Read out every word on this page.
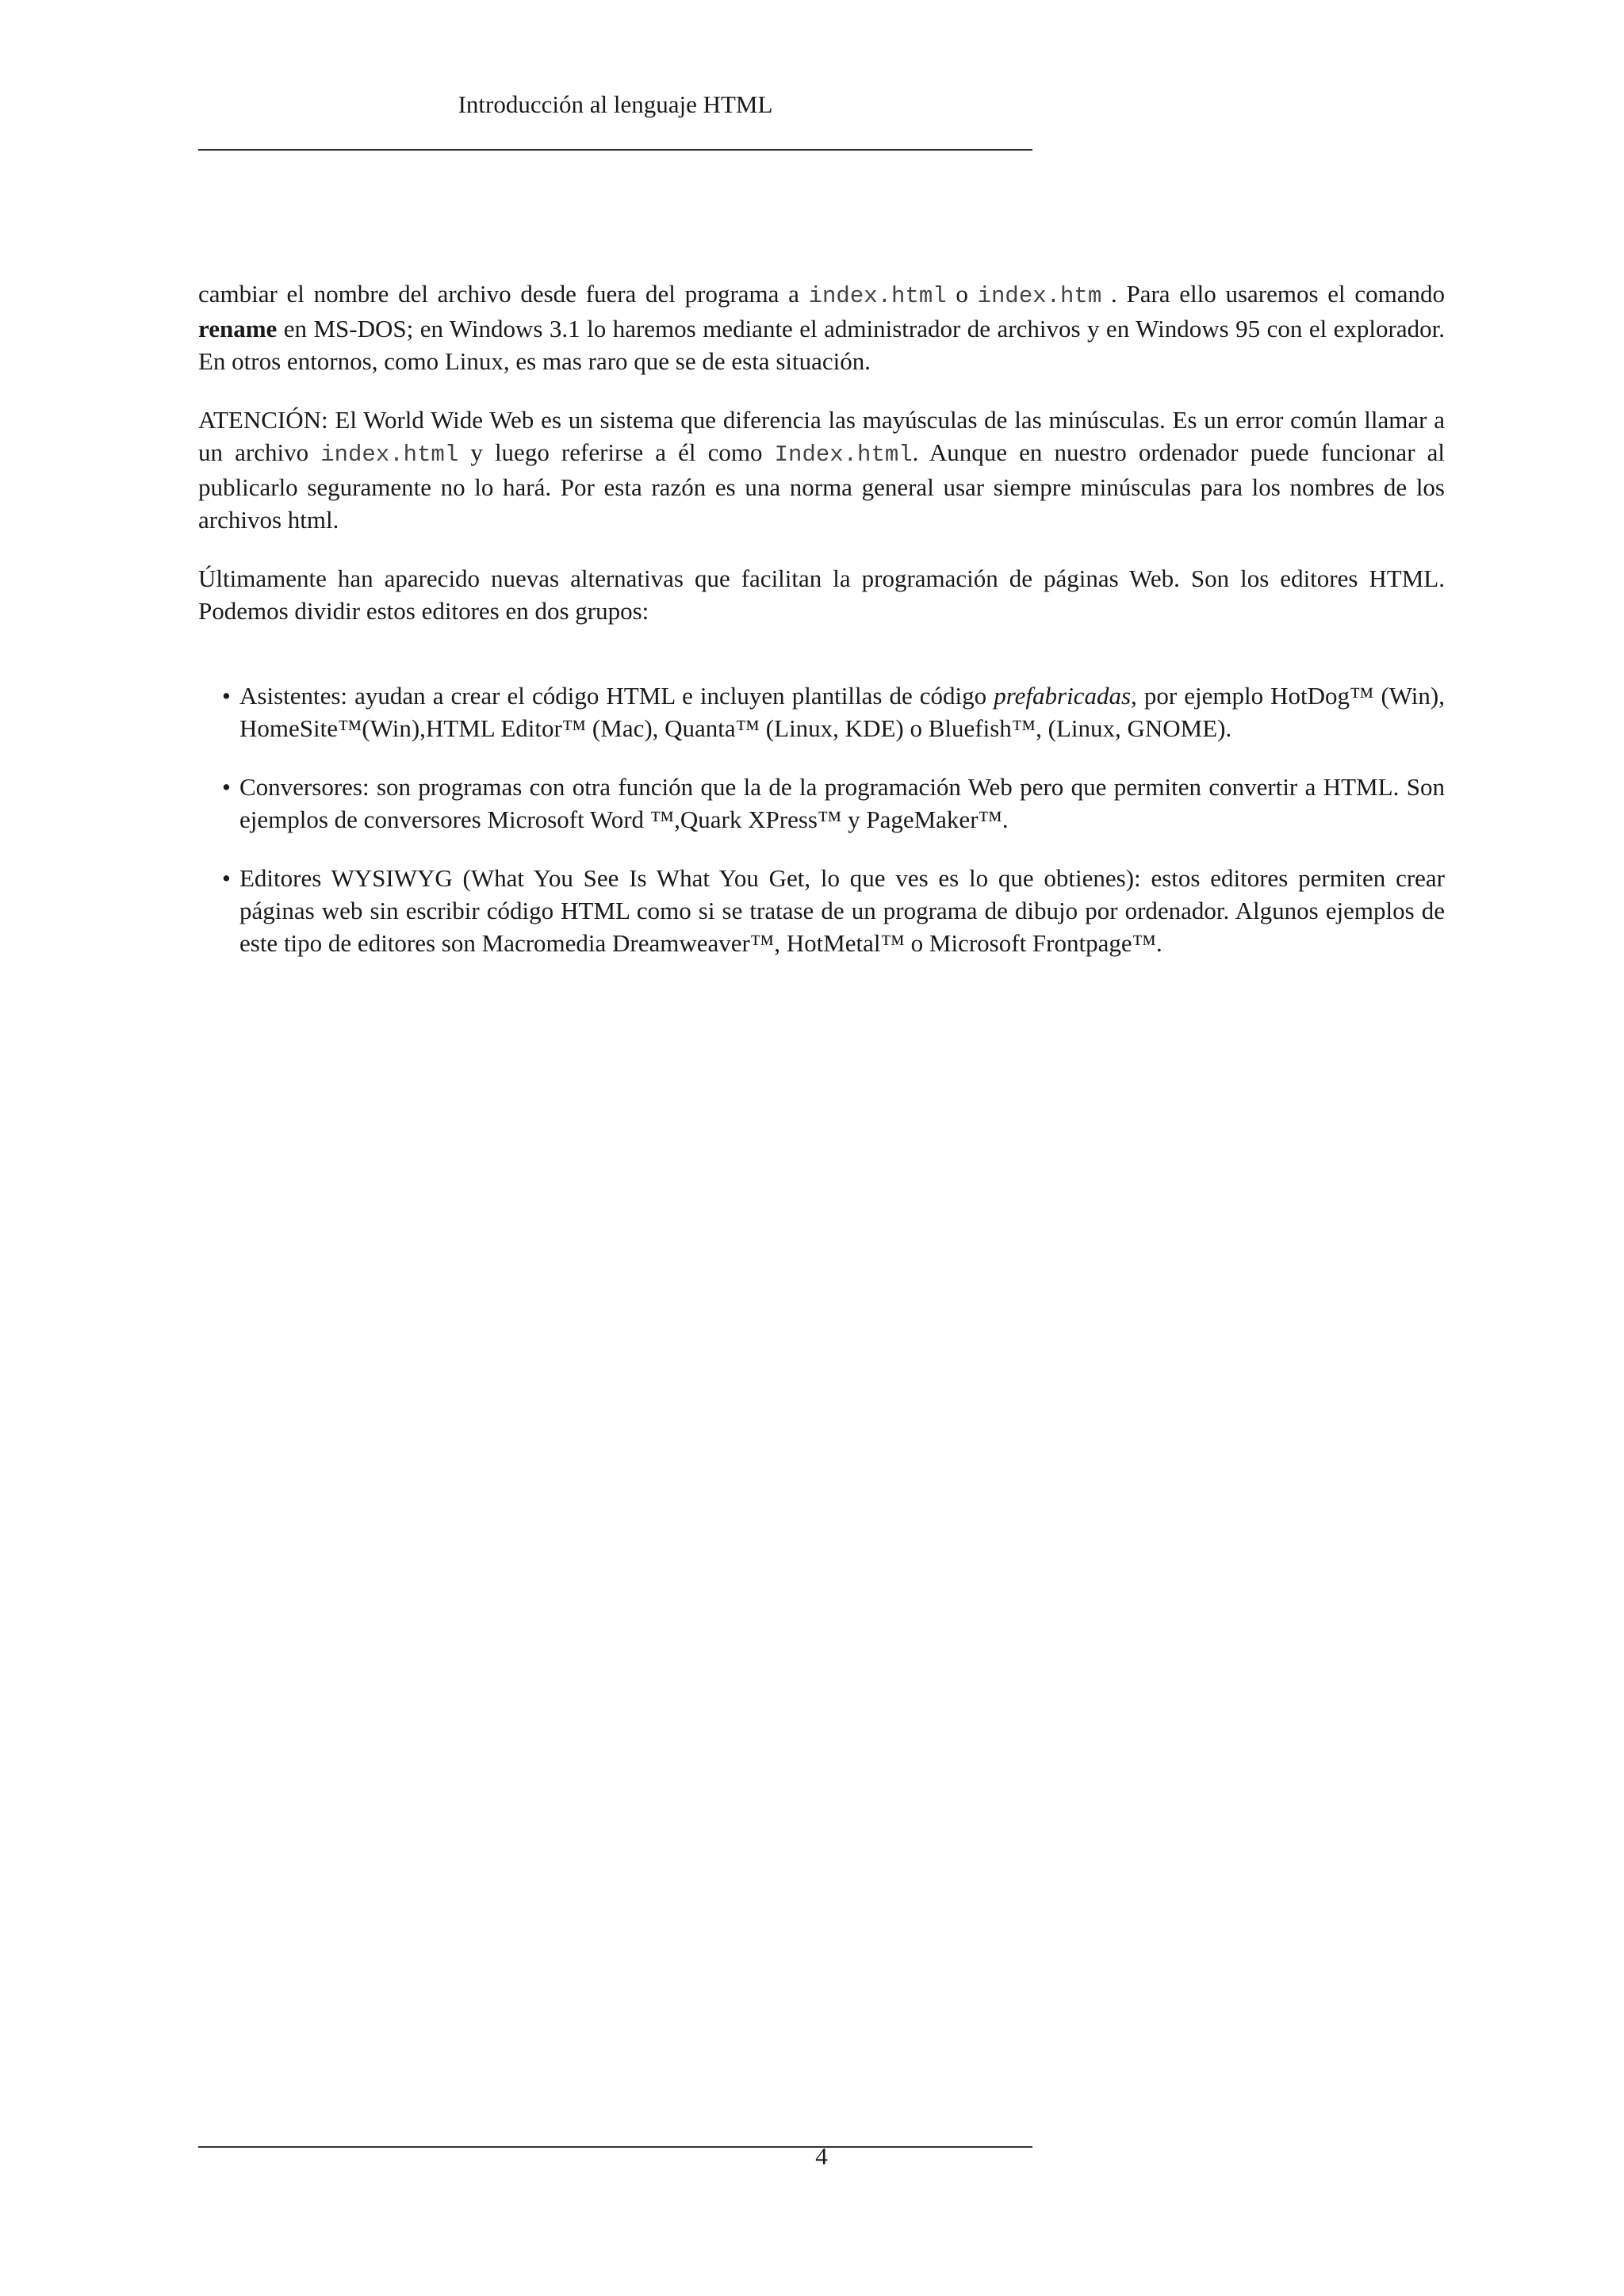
Introducción al lenguaje HTML

cambiar el nombre del archivo desde fuera del programa a index.html o index.htm . Para ello usaremos el comando rename en MS-DOS; en Windows 3.1 lo haremos mediante el administrador de archivos y en Windows 95 con el explorador. En otros entornos, como Linux, es mas raro que se de esta situación.

ATENCIÓN: El World Wide Web es un sistema que diferencia las mayúsculas de las minúsculas. Es un error común llamar a un archivo index.html y luego referirse a él como Index.html. Aunque en nuestro ordenador puede funcionar al publicarlo seguramente no lo hará. Por esta razón es una norma general usar siempre minúsculas para los nombres de los archivos html.

Últimamente han aparecido nuevas alternativas que facilitan la programación de páginas Web. Son los editores HTML. Podemos dividir estos editores en dos grupos:

• Asistentes: ayudan a crear el código HTML e incluyen plantillas de código prefabricadas, por ejemplo HotDog™ (Win), HomeSite™(Win),HTML Editor™ (Mac), Quanta™ (Linux, KDE) o Bluefish™, (Linux, GNOME).
• Conversores: son programas con otra función que la de la programación Web pero que permiten convertir a HTML. Son ejemplos de conversores Microsoft Word ™,Quark XPress™ y PageMaker™.
• Editores WYSIWYG (What You See Is What You Get, lo que ves es lo que obtienes): estos editores permiten crear páginas web sin escribir código HTML como si se tratase de un programa de dibujo por ordenador. Algunos ejemplos de este tipo de editores son Macromedia Dreamweaver™, HotMetal™ o Microsoft Frontpage™.
4
